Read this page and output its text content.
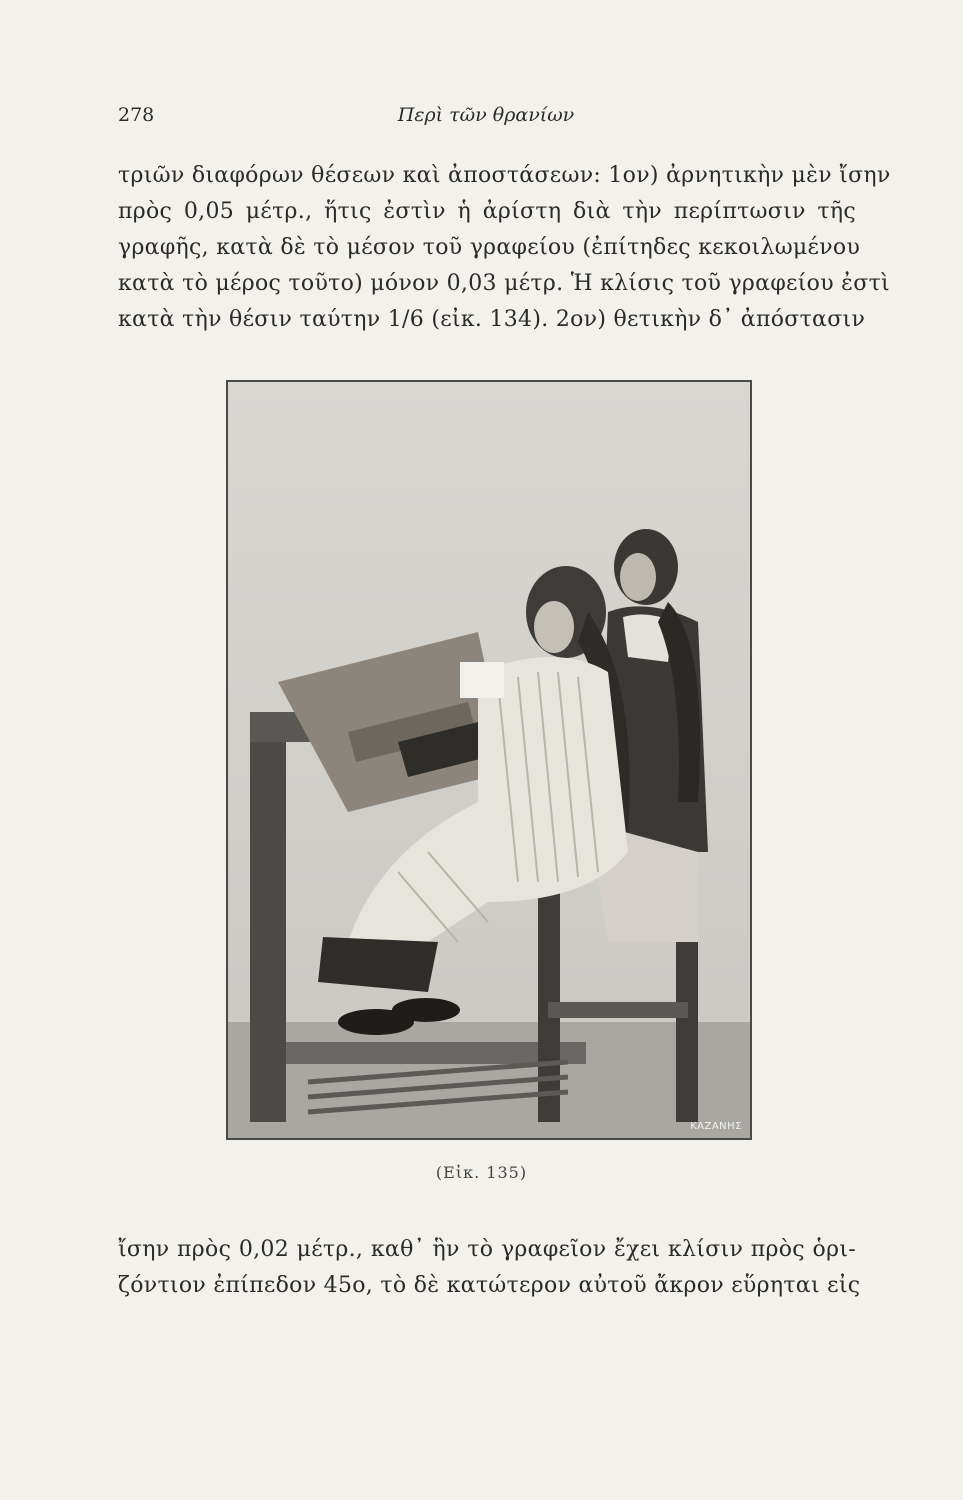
278	Περὶ τῶν θρανίων
τριῶν διαφόρων θέσεων καὶ ἀποστάσεων: 1ον) ἀρνητικὴν μὲν ἴσην
πρὸς 0,05 μέτρ., ἥτις ἐστὶν ἡ ἀρίστη διὰ τὴν περίπτωσιν τῆς
γραφῆς, κατὰ δὲ τὸ μέσον τοῦ γραφείου (ἐπίτηδες κεκοιλωμένου
κατὰ τὸ μέρος τοῦτο) μόνον 0,03 μέτρ. Ἡ κλίσις τοῦ γραφείου ἐστὶ
κατὰ τὴν θέσιν ταύτην 1/6 (εἰκ. 134). 2ον) θετικὴν δ᾽ ἀπόστασιν
KAZANHΣ
(Εἰκ. 135)
ἴσην πρὸς 0,02 μέτρ., καθ᾽ ἣν τὸ γραφεῖον ἔχει κλίσιν πρὸς ὁρι-
ζόντιον ἐπίπεδον 45ο, τὸ δὲ κατώτερον αὐτοῦ ἄκρον εὕρηται εἰς
